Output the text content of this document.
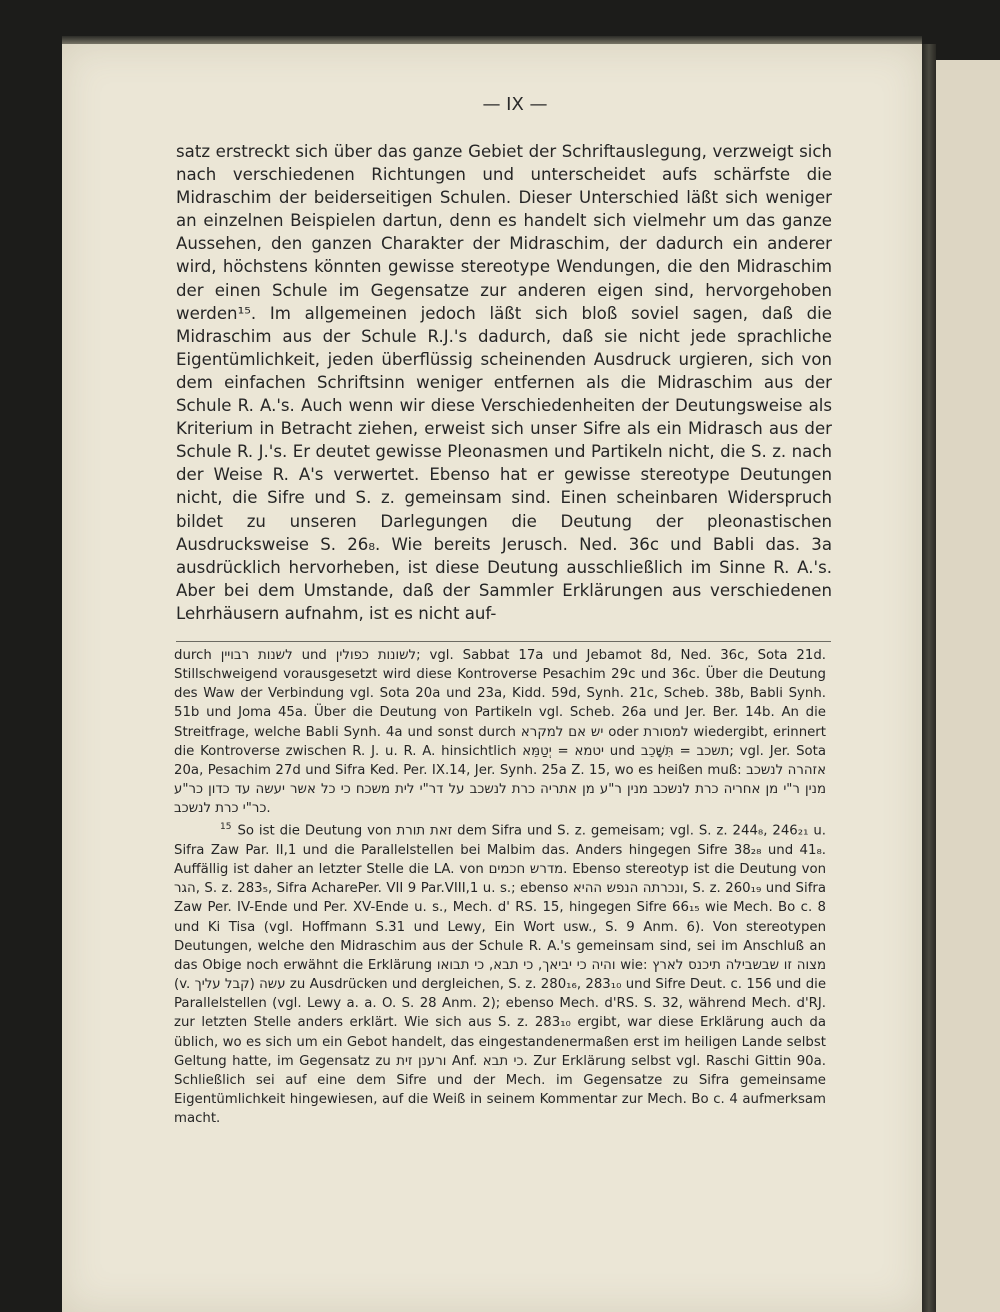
— IX —

satz erstreckt sich über das ganze Gebiet der Schriftauslegung, verzweigt sich nach verschiedenen Richtungen und unterscheidet aufs schärfste die Midraschim der beiderseitigen Schulen. Dieser Unterschied läßt sich weniger an einzelnen Beispielen dartun, denn es handelt sich vielmehr um das ganze Aussehen, den ganzen Charakter der Midraschim, der dadurch ein anderer wird, höchstens könnten gewisse stereotype Wendungen, die den Midraschim der einen Schule im Gegensatze zur anderen eigen sind, hervorgehoben werden¹⁵. Im allgemeinen jedoch läßt sich bloß soviel sagen, daß die Midraschim aus der Schule R.J.'s dadurch, daß sie nicht jede sprachliche Eigentümlichkeit, jeden überflüssig scheinenden Ausdruck urgieren, sich von dem einfachen Schriftsinn weniger entfernen als die Midraschim aus der Schule R. A.'s. Auch wenn wir diese Verschiedenheiten der Deutungsweise als Kriterium in Betracht ziehen, erweist sich unser Sifre als ein Midrasch aus der Schule R. J.'s. Er deutet gewisse Pleonasmen und Partikeln nicht, die S. z. nach der Weise R. A's verwertet. Ebenso hat er gewisse stereotype Deutungen nicht, die Sifre und S. z. gemeinsam sind. Einen scheinbaren Widerspruch bildet zu unseren Darlegungen die Deutung der pleonastischen Ausdrucksweise S. 26₈. Wie bereits Jerusch. Ned. 36c und Babli das. 3a ausdrücklich hervorheben, ist diese Deutung ausschließlich im Sinne R. A.'s. Aber bei dem Umstande, daß der Sammler Erklärungen aus verschiedenen Lehrhäusern aufnahm, ist es nicht auf-

durch לשנות רבויין und לשונות כפולין; vgl. Sabbat 17a und Jebamot 8d, Ned. 36c, Sota 21d. Stillschweigend vorausgesetzt wird diese Kontroverse Pesachim 29c und 36c. Über die Deutung des Waw der Verbindung vgl. Sota 20a und 23a, Kidd. 59d, Synh. 21c, Scheb. 38b, Babli Synh. 51b und Joma 45a. Über die Deutung von Partikeln vgl. Scheb. 26a und Jer. Ber. 14b. An die Streitfrage, welche Babli Synh. 4a und sonst durch יש אם למקרא oder למסורת wiedergibt, erinnert die Kontroverse zwischen R. J. u. R. A. hinsichtlich יטמא = יְטַמֵּא und תשכב = תִּשָּׁכֵב; vgl. Jer. Sota 20a, Pesachim 27d und Sifra Ked. Per. IX.14, Jer. Synh. 25a Z. 15, wo es heißen muß: אזהרה לנשכב מנין ר"י מן אחריה כרת לנשכב מנין ר"ע מן אתריה כרת לנשכב על דר"י לית משכח כי כל אשר יעשה עד כדון כר"ע כר"י כרת לנשכב.

$^{15}$ So ist die Deutung von זאת תורת dem Sifra und S. z. gemeisam; vgl. S. z. 244₈, 246₂₁ u. Sifra Zaw Par. II,1 und die Parallelstellen bei Malbim das. Anders hingegen Sifre 38₂₈ und 41₈. Auffällig ist daher an letzter Stelle die LA. von מדרש חכמים. Ebenso stereotyp ist die Deutung von הגר, S. z. 283₅, Sifra AcharePer. VII 9 Par.VIII,1 u. s.; ebenso ונכרתה הנפש ההיא, S. z. 260₁₉ und Sifra Zaw Per. IV-Ende und Per. XV-Ende u. s., Mech. d' RS. 15, hingegen Sifre 66₁₅ wie Mech. Bo c. 8 und Ki Tisa (vgl. Hoffmann S.31 und Lewy, Ein Wort usw., S. 9 Anm. 6). Von stereotypen Deutungen, welche den Midraschim aus der Schule R. A.'s gemeinsam sind, sei im Anschluß an das Obige noch erwähnt die Erklärung והיה כי יביאך, כי תבא, כי תבואו wie: מצוה זו שבשבילה תיכנס לארץ (v. קבל עליך) עשה zu Ausdrücken und dergleichen, S. z. 280₁₆, 283₁₀ und Sifre Deut. c. 156 und die Parallelstellen (vgl. Lewy a. a. O. S. 28 Anm. 2); ebenso Mech. d'RS. S. 32, während Mech. d'RJ. zur letzten Stelle anders erklärt. Wie sich aus S. z. 283₁₀ ergibt, war diese Erklärung auch da üblich, wo es sich um ein Gebot handelt, das eingestandenermaßen erst im heiligen Lande selbst Geltung hatte, im Gegensatz zu ורענן זית Anf. כי תבא. Zur Erklärung selbst vgl. Raschi Gittin 90a. Schließlich sei auf eine dem Sifre und der Mech. im Gegensatze zu Sifra gemeinsame Eigentümlichkeit hingewiesen, auf die Weiß in seinem Kommentar zur Mech. Bo c. 4 aufmerksam macht.
